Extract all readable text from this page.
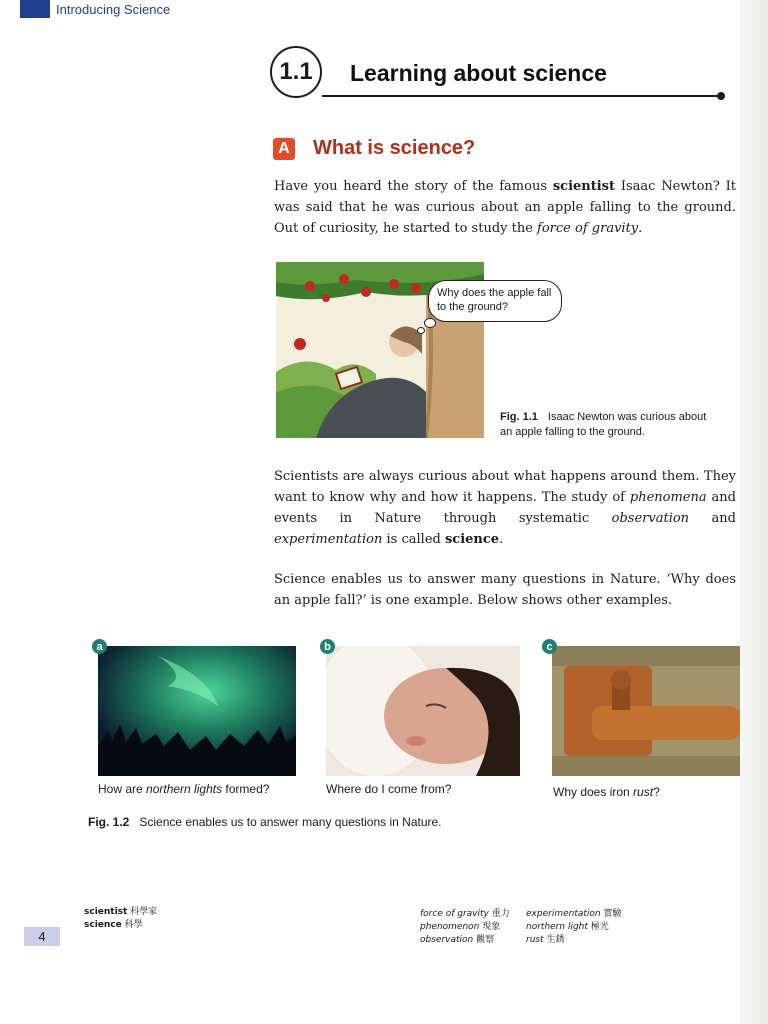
Introducing Science
1.1	Learning about science
A What is science?
Have you heard the story of the famous scientist Isaac Newton? It was said that he was curious about an apple falling to the ground. Out of curiosity, he started to study the force of gravity.
Why does the apple fall to the ground?
Fig. 1.1 Isaac Newton was curious about an apple falling to the ground.
Scientists are always curious about what happens around them. They want to know why and how it happens. The study of phenomena and events in Nature through systematic observation and experimentation is called science.
Science enables us to answer many questions in Nature. ‘Why does an apple fall?’ is one example. Below shows other examples.
a
How are northern lights formed?
b
Where do I come from?
c
Why does iron rust?
Fig. 1.2 Science enables us to answer many questions in Nature.
scientist 科學家
science 科學
force of gravity 重力
phenomenon 現象
observation 觀察
experimentation 實驗
northern light 極光
rust 生銹
4
